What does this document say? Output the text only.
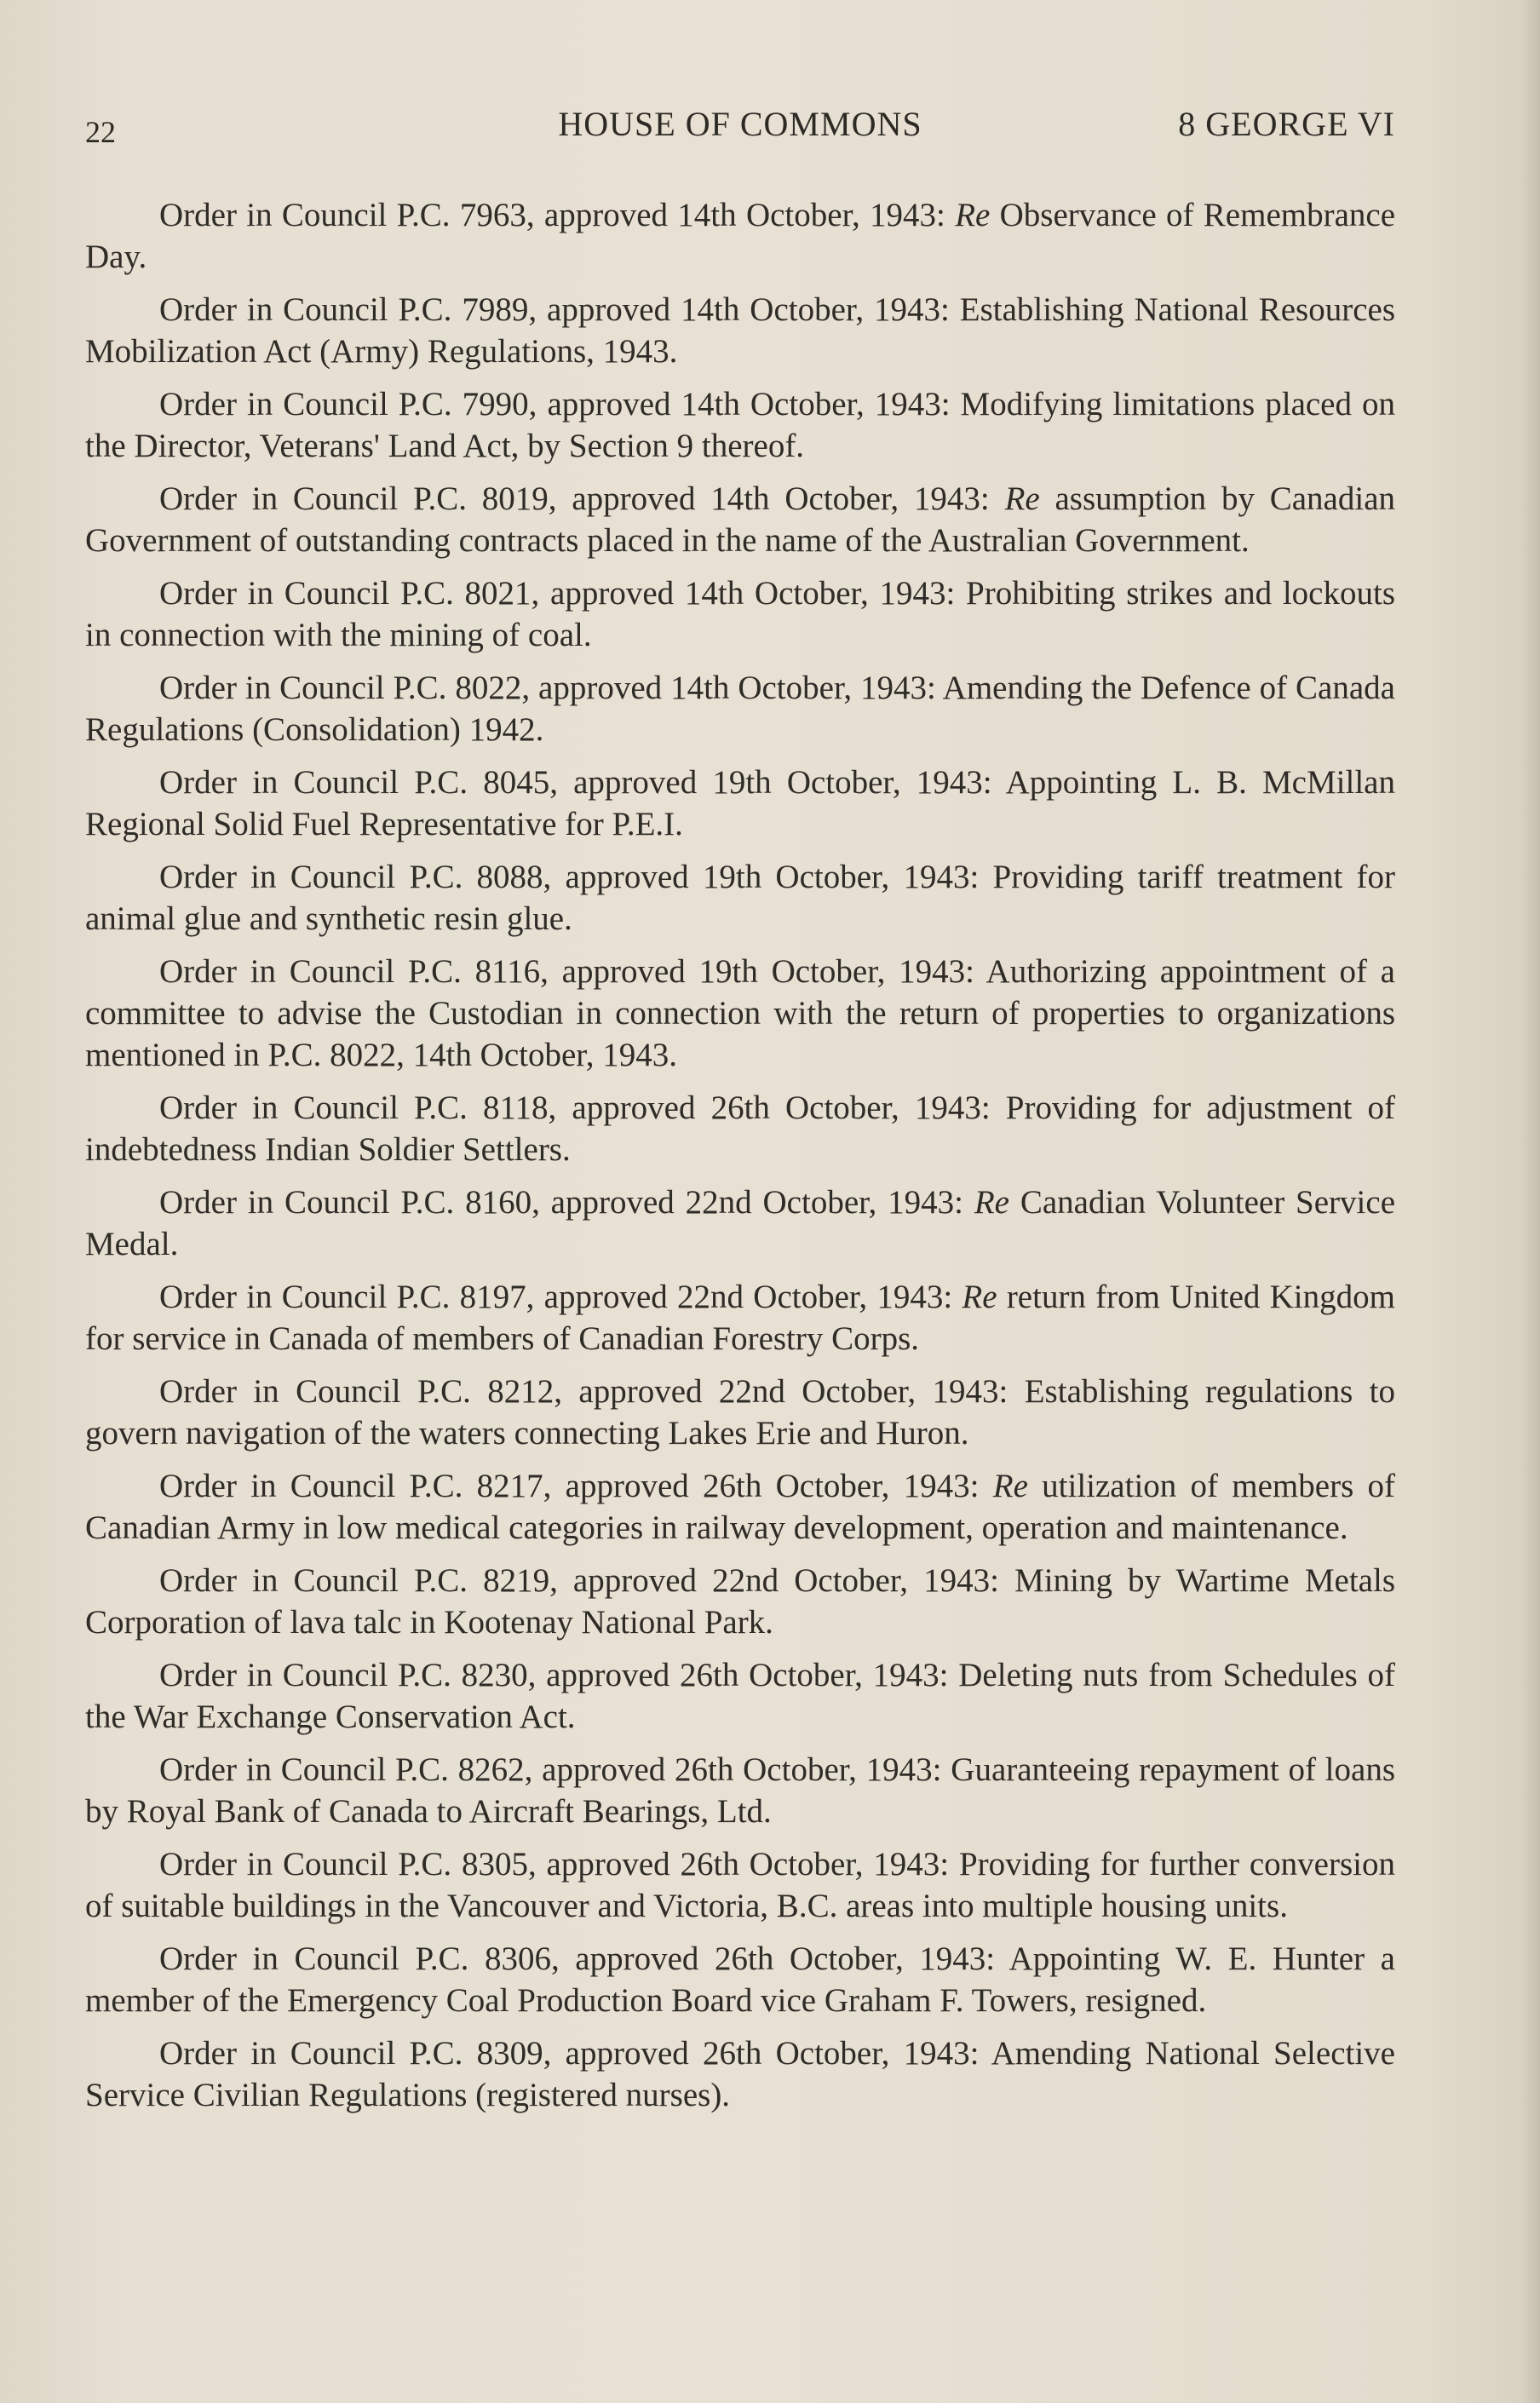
22	HOUSE OF COMMONS	8 GEORGE VI

Order in Council P.C. 7963, approved 14th October, 1943: Re Observance of Remembrance Day.

Order in Council P.C. 7989, approved 14th October, 1943: Establishing National Resources Mobilization Act (Army) Regulations, 1943.

Order in Council P.C. 7990, approved 14th October, 1943: Modifying limitations placed on the Director, Veterans' Land Act, by Section 9 thereof.

Order in Council P.C. 8019, approved 14th October, 1943: Re assumption by Canadian Government of outstanding contracts placed in the name of the Australian Government.

Order in Council P.C. 8021, approved 14th October, 1943: Prohibiting strikes and lockouts in connection with the mining of coal.

Order in Council P.C. 8022, approved 14th October, 1943: Amending the Defence of Canada Regulations (Consolidation) 1942.

Order in Council P.C. 8045, approved 19th October, 1943: Appointing L. B. McMillan Regional Solid Fuel Representative for P.E.I.

Order in Council P.C. 8088, approved 19th October, 1943: Providing tariff treatment for animal glue and synthetic resin glue.

Order in Council P.C. 8116, approved 19th October, 1943: Authorizing appointment of a committee to advise the Custodian in connection with the return of properties to organizations mentioned in P.C. 8022, 14th October, 1943.

Order in Council P.C. 8118, approved 26th October, 1943: Providing for adjustment of indebtedness Indian Soldier Settlers.

Order in Council P.C. 8160, approved 22nd October, 1943: Re Canadian Volunteer Service Medal.

Order in Council P.C. 8197, approved 22nd October, 1943: Re return from United Kingdom for service in Canada of members of Canadian Forestry Corps.

Order in Council P.C. 8212, approved 22nd October, 1943: Establishing regulations to govern navigation of the waters connecting Lakes Erie and Huron.

Order in Council P.C. 8217, approved 26th October, 1943: Re utilization of members of Canadian Army in low medical categories in railway development, operation and maintenance.

Order in Council P.C. 8219, approved 22nd October, 1943: Mining by Wartime Metals Corporation of lava talc in Kootenay National Park.

Order in Council P.C. 8230, approved 26th October, 1943: Deleting nuts from Schedules of the War Exchange Conservation Act.

Order in Council P.C. 8262, approved 26th October, 1943: Guaranteeing repayment of loans by Royal Bank of Canada to Aircraft Bearings, Ltd.

Order in Council P.C. 8305, approved 26th October, 1943: Providing for further conversion of suitable buildings in the Vancouver and Victoria, B.C. areas into multiple housing units.

Order in Council P.C. 8306, approved 26th October, 1943: Appointing W. E. Hunter a member of the Emergency Coal Production Board vice Graham F. Towers, resigned.

Order in Council P.C. 8309, approved 26th October, 1943: Amending National Selective Service Civilian Regulations (registered nurses).
